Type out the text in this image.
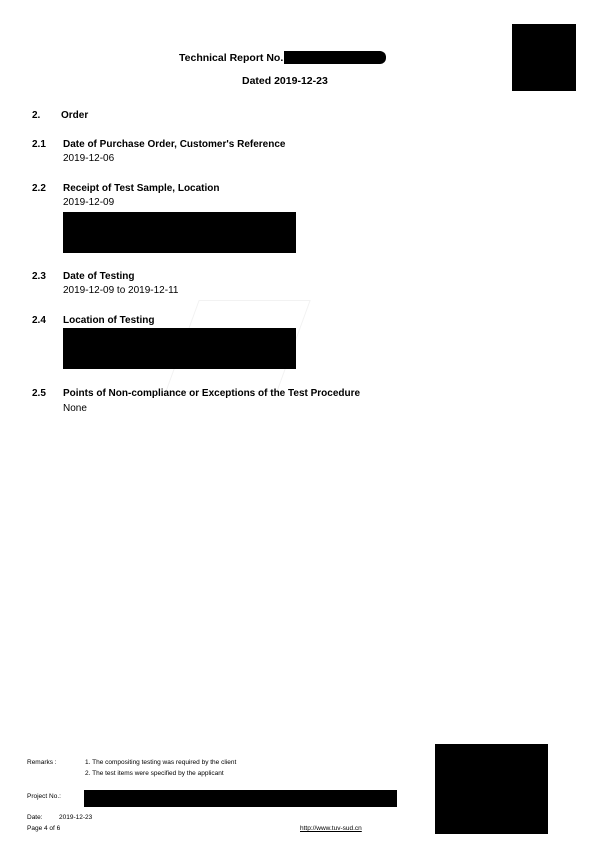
Technical Report No.
Dated 2019-12-23
2. Order
2.1 Date of Purchase Order, Customer's Reference
2019-12-06
2.2 Receipt of Test Sample, Location
2019-12-09
2.3 Date of Testing
2019-12-09 to 2019-12-11
2.4 Location of Testing
2.5 Points of Non-compliance or Exceptions of the Test Procedure
None
Remarks :	1. The compositing testing was required by the client
2. The test items were specified by the applicant
Project No.:
Date:	2019-12-23
Page 4 of 6	http://www.tuv-sud.cn
